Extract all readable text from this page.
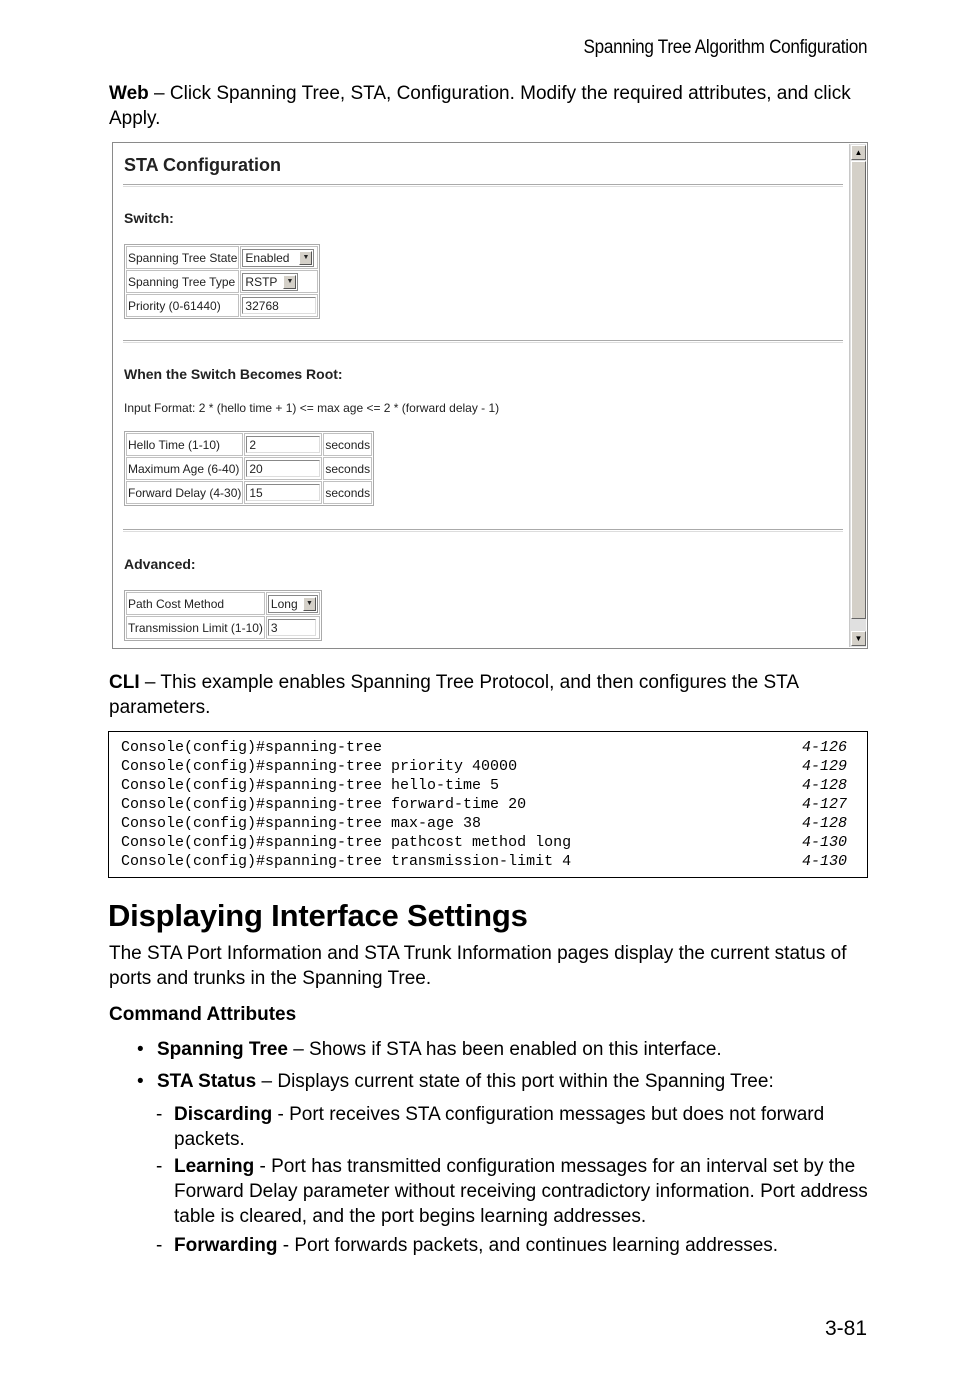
Spanning Tree Algorithm Configuration
Web – Click Spanning Tree, STA, Configuration. Modify the required attributes, and click Apply.
STA Configuration
Switch:
Spanning Tree State	Enabled ▼

Spanning Tree Type	RSTP ▼

Priority (0-61440)	32768
When the Switch Becomes Root:
Input Format: 2 * (hello time + 1) <= max age <= 2 * (forward delay - 1)
Hello Time (1-10)	2	seconds
Maximum Age (6-40)	20	seconds
Forward Delay (4-30)	15	seconds
Advanced:
Path Cost Method	Long ▼

Transmission Limit (1-10)	3
▲
▼
CLI – This example enables Spanning Tree Protocol, and then configures the STA parameters.
Console(config)#spanning-tree	4-126
Console(config)#spanning-tree priority 40000	4-129
Console(config)#spanning-tree hello-time 5	4-128
Console(config)#spanning-tree forward-time 20	4-127
Console(config)#spanning-tree max-age 38	4-128
Console(config)#spanning-tree pathcost method long	4-130
Console(config)#spanning-tree transmission-limit 4	4-130
Displaying Interface Settings
The STA Port Information and STA Trunk Information pages display the current status of ports and trunks in the Spanning Tree.
Command Attributes
• Spanning Tree – Shows if STA has been enabled on this interface.
• STA Status – Displays current state of this port within the Spanning Tree:
- Discarding - Port receives STA configuration messages but does not forward packets.
- Learning - Port has transmitted configuration messages for an interval set by the Forward Delay parameter without receiving contradictory information. Port address table is cleared, and the port begins learning addresses.
- Forwarding - Port forwards packets, and continues learning addresses.
3-81
